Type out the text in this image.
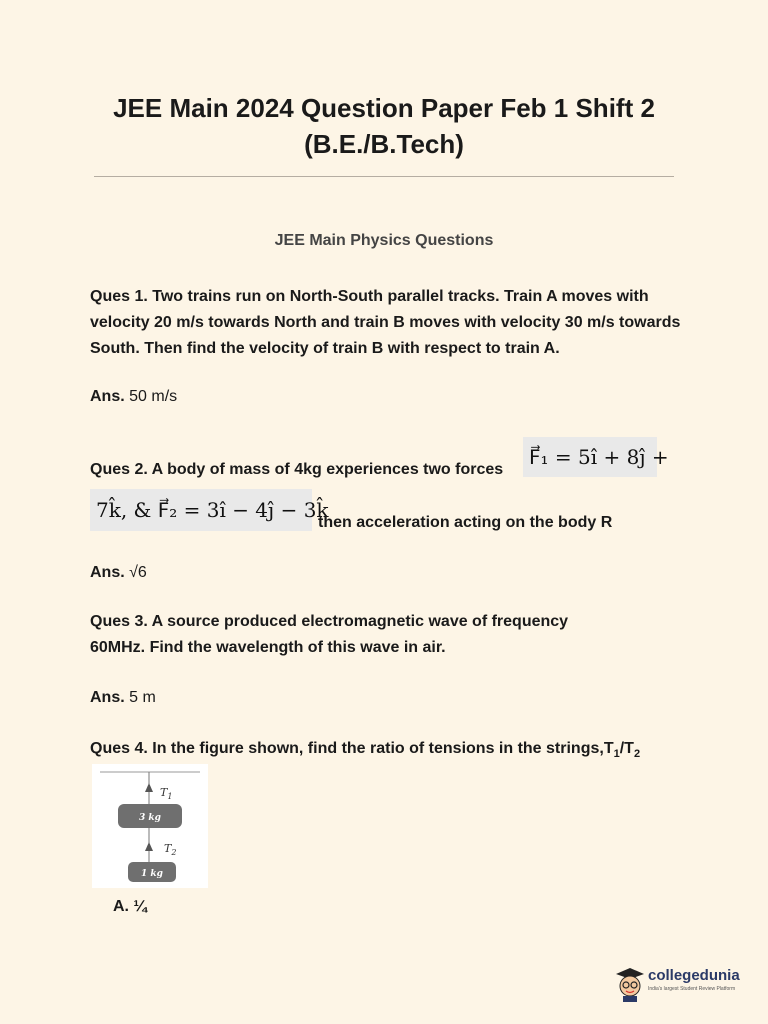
JEE Main 2024 Question Paper Feb 1 Shift 2
(B.E./B.Tech)
JEE Main Physics Questions
Ques 1. Two trains run on North-South parallel tracks. Train A moves with velocity 20 m/s towards North and train B moves with velocity 30 m/s towards South. Then find the velocity of train B with respect to train A.
Ans. 50 m/s
Ques 2. A body of mass of 4kg experiences two forces
F⃗₁ = 5î + 8ĵ +
7k̂, & F⃗₂ = 3î − 4ĵ − 3k̂
then acceleration acting on the body R
Ans. √6
Ques 3. A source produced electromagnetic wave of frequency 60MHz. Find the wavelength of this wave in air.
Ans. 5 m
Ques 4. In the figure shown, find the ratio of tensions in the $strings,T_1/T_2$
$T_1$
3 kg
$T_2$
1 kg
A. ¼
collegedunia
India's largest Student Review Platform
